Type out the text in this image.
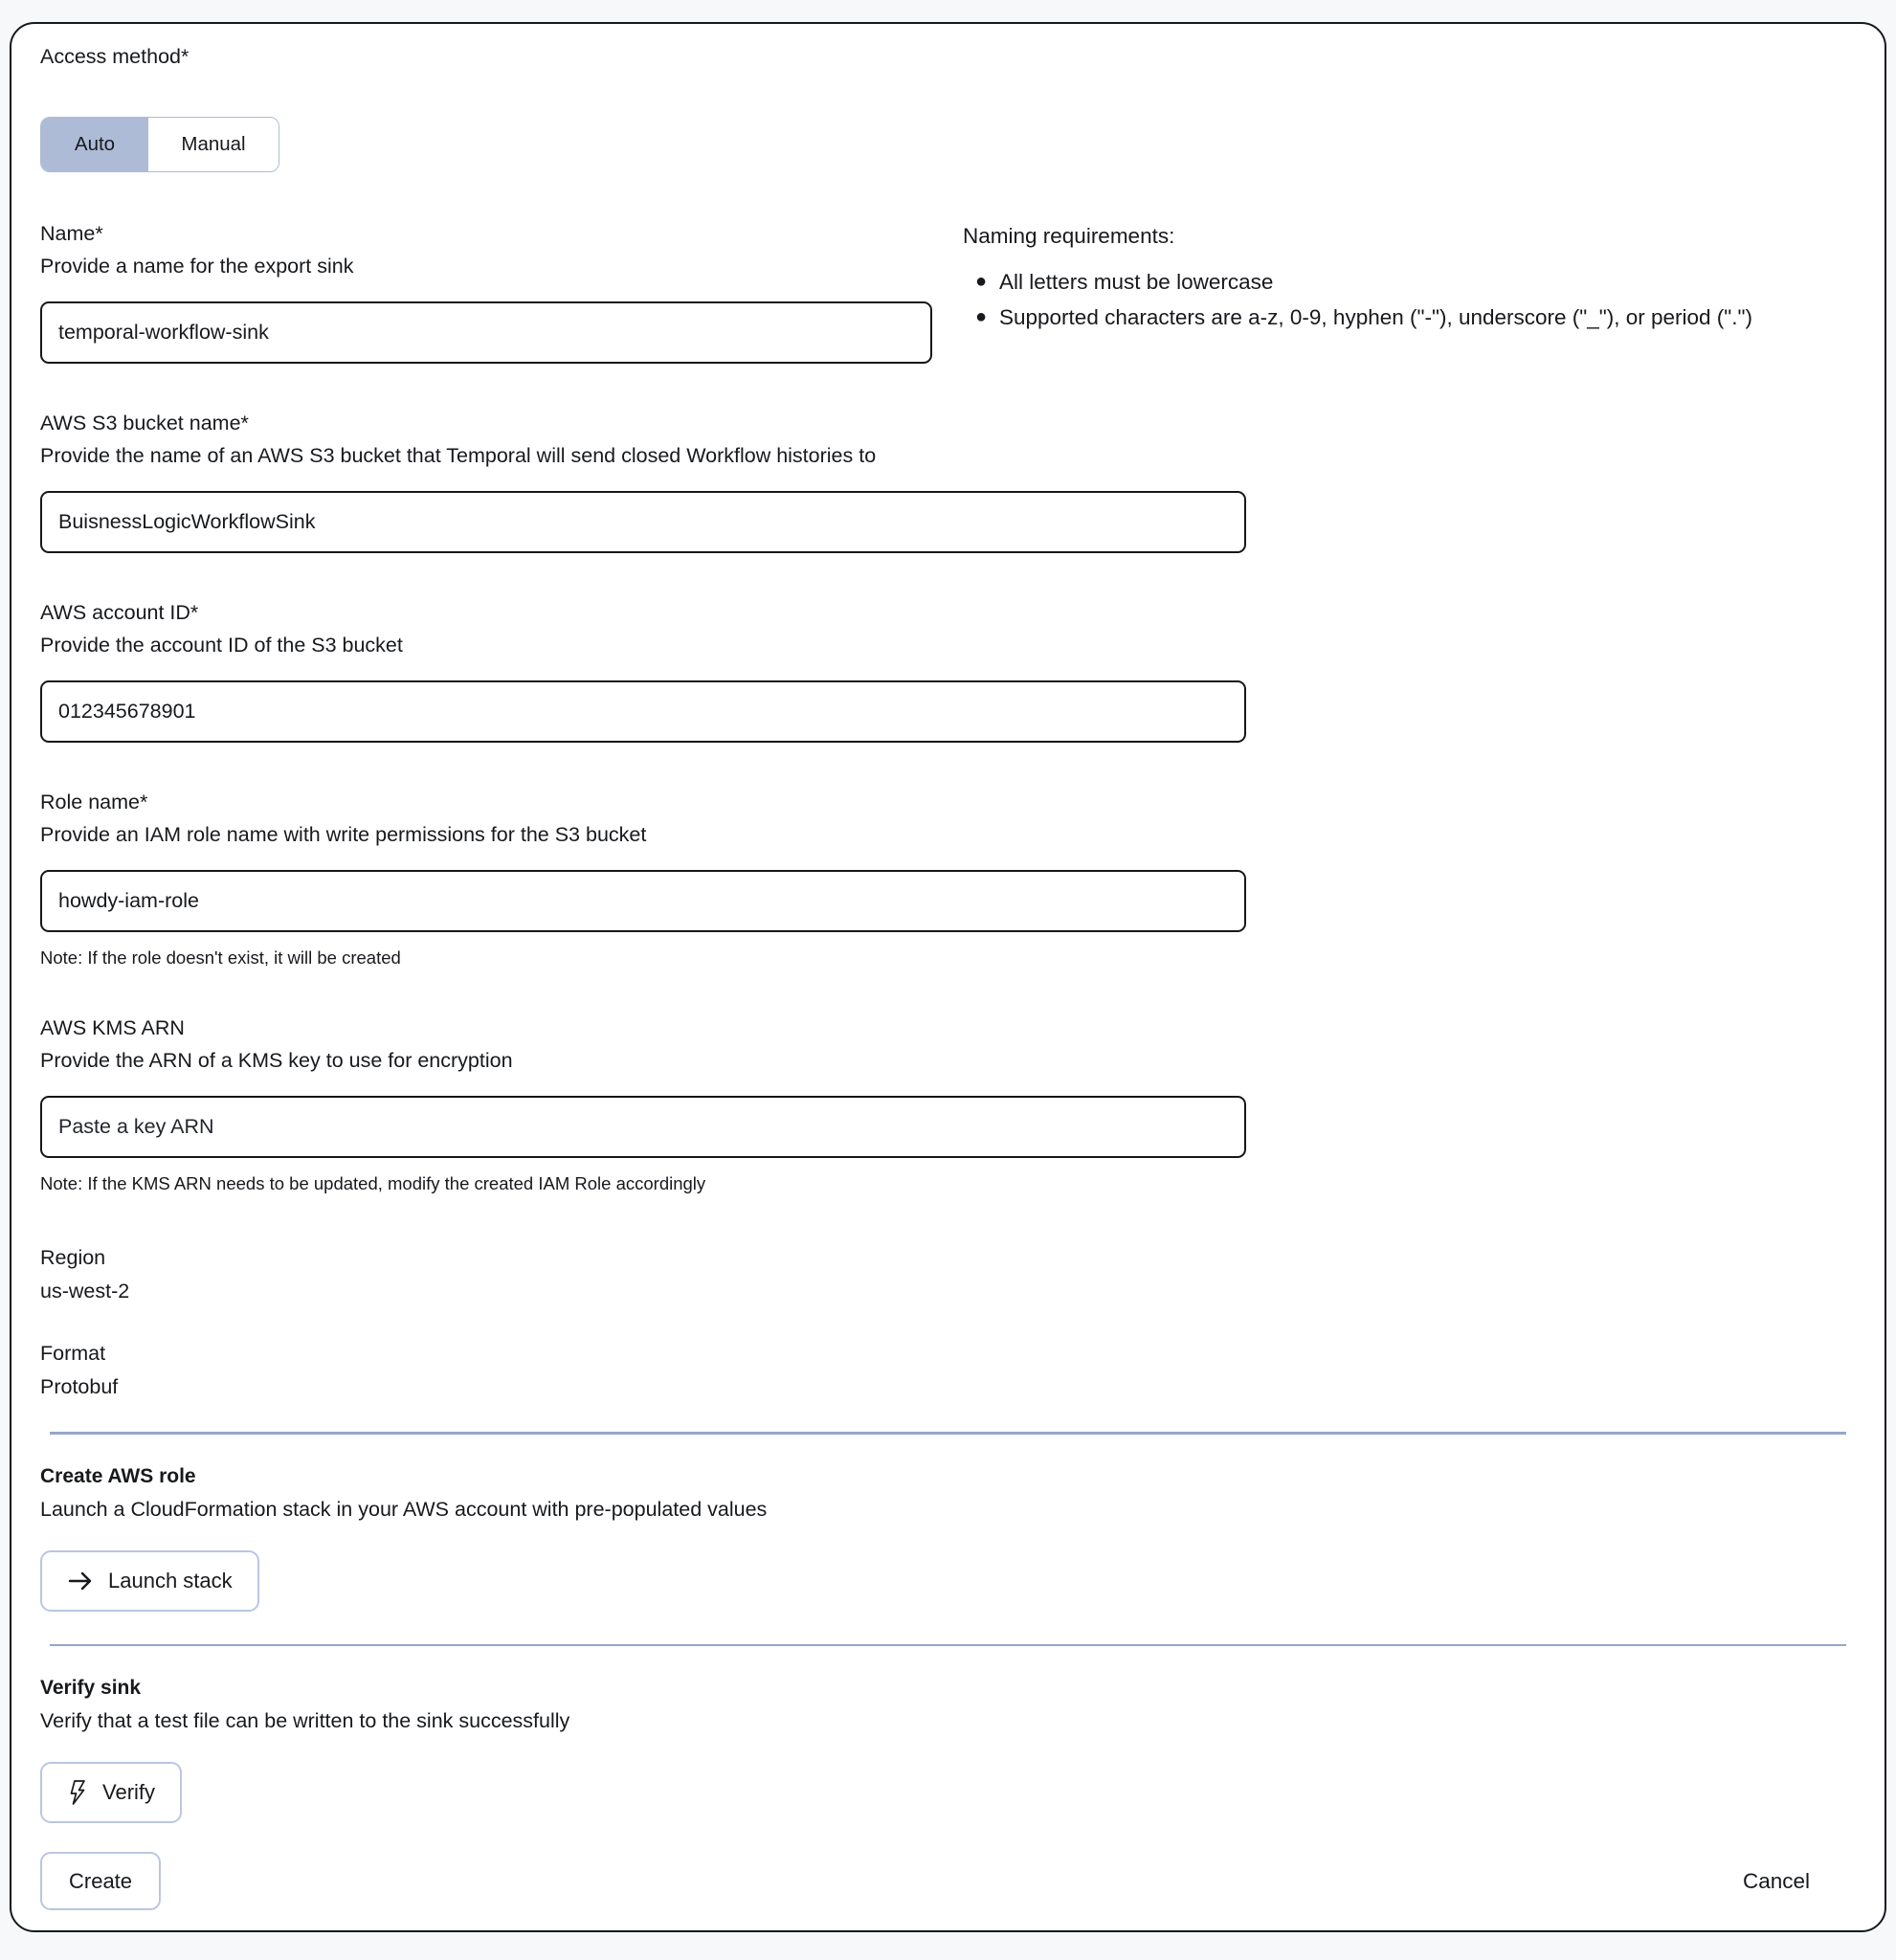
Access method*
Auto	Manual
Name*
Provide a name for the export sink
temporal-workflow-sink
Naming requirements:
●︎ All letters must be lowercase
●︎ Supported characters are a-z, 0-9, hyphen ("-"), underscore ("_"), or period (".")
AWS S3 bucket name*
Provide the name of an AWS S3 bucket that Temporal will send closed Workflow histories to
BuisnessLogicWorkflowSink
AWS account ID*
Provide the account ID of the S3 bucket
012345678901
Role name*
Provide an IAM role name with write permissions for the S3 bucket
howdy-iam-role
Note: If the role doesn't exist, it will be created
AWS KMS ARN
Provide the ARN of a KMS key to use for encryption
Paste a key ARN
Note: If the KMS ARN needs to be updated, modify the created IAM Role accordingly
Region
us-west-2
Format
Protobuf
Create AWS role
Launch a CloudFormation stack in your AWS account with pre-populated values
Launch stack
Verify sink
Verify that a test file can be written to the sink successfully
Verify
Create	Cancel
